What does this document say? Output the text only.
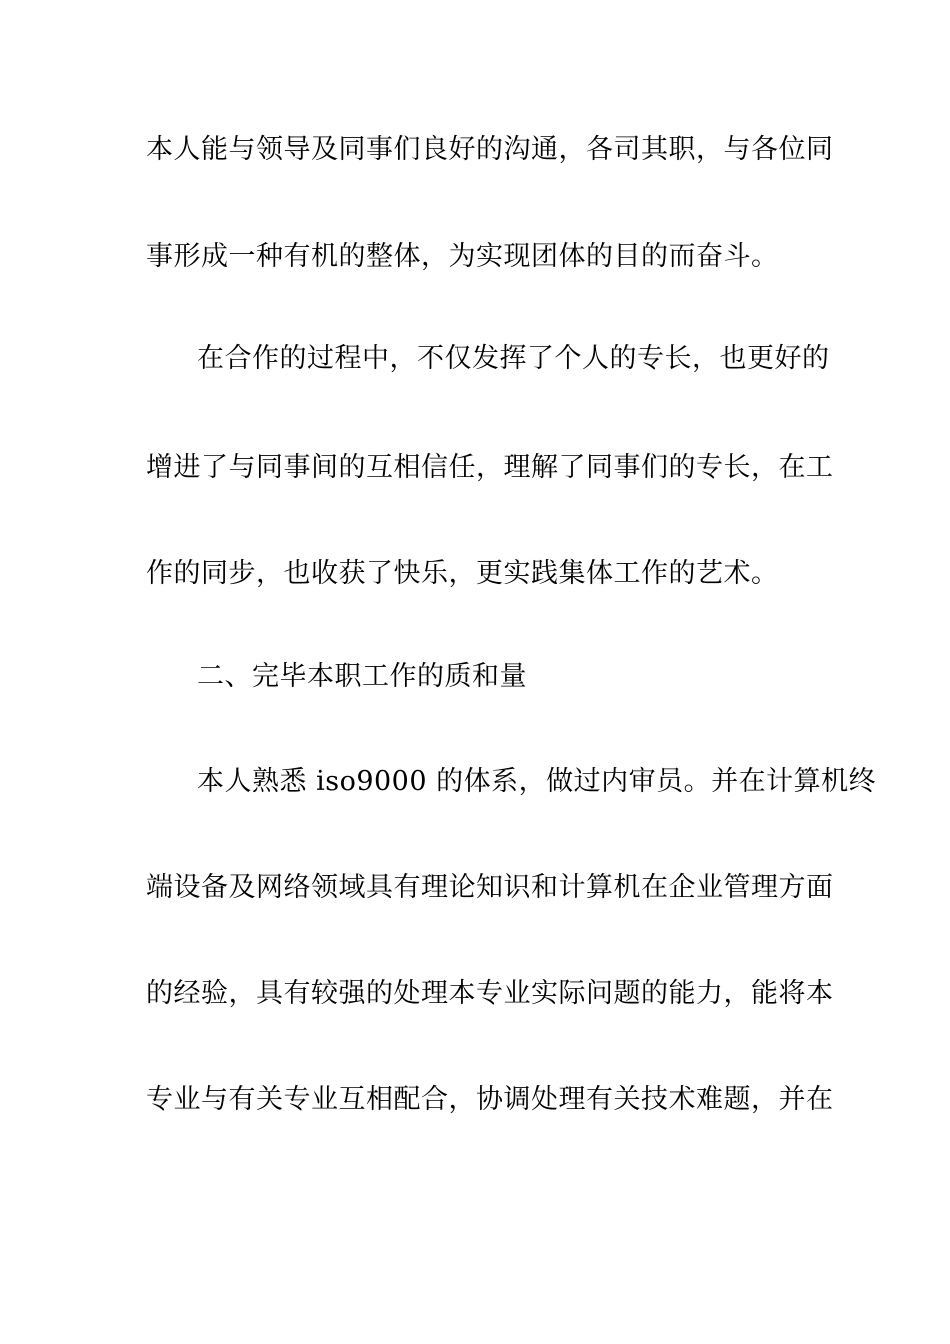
本人能与领导及同事们良好的沟通，各司其职，与各位同
事形成一种有机的整体，为实现团体的目的而奋斗。
在合作的过程中，不仅发挥了个人的专长，也更好的
增进了与同事间的互相信任，理解了同事们的专长，在工
作的同步，也收获了快乐，更实践集体工作的艺术。
二、完毕本职工作的质和量
本人熟悉 iso9000 的体系，做过内审员。并在计算机终
端设备及网络领域具有理论知识和计算机在企业管理方面
的经验，具有较强的处理本专业实际问题的能力，能将本
专业与有关专业互相配合，协调处理有关技术难题，并在
